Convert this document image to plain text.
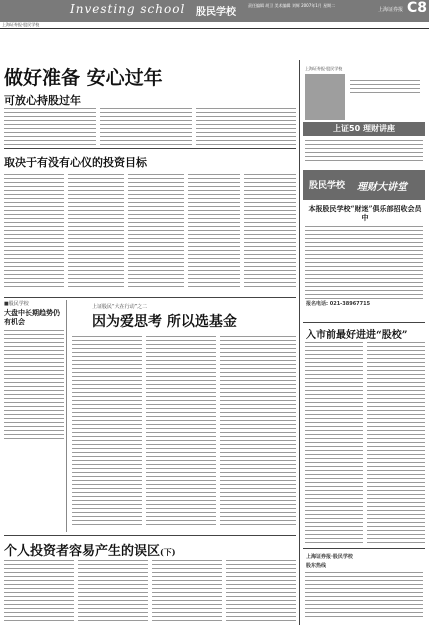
Investing school 股民学校
责任编辑 胡卫 美术编辑 刘辉 2007年1月 星期二
上海证券报 C8
上海证券报·股民学校
做好准备 安心过年
可放心持股过年
取决于有没有心仪的投资目标
■股民学校
大盘中长期趋势仍有机会
上证股民“大在行动”之二
因为爱思考 所以选基金
个人投资者容易产生的误区(下)
上海证券报·股民学校
上证50 理财讲座
股民学校 理财大讲堂
本报股民学校“财迷”俱乐部招收会员中
报名电话: 021-38967715
入市前最好进进“股校”
上海证券报·股民学校
股东热线
